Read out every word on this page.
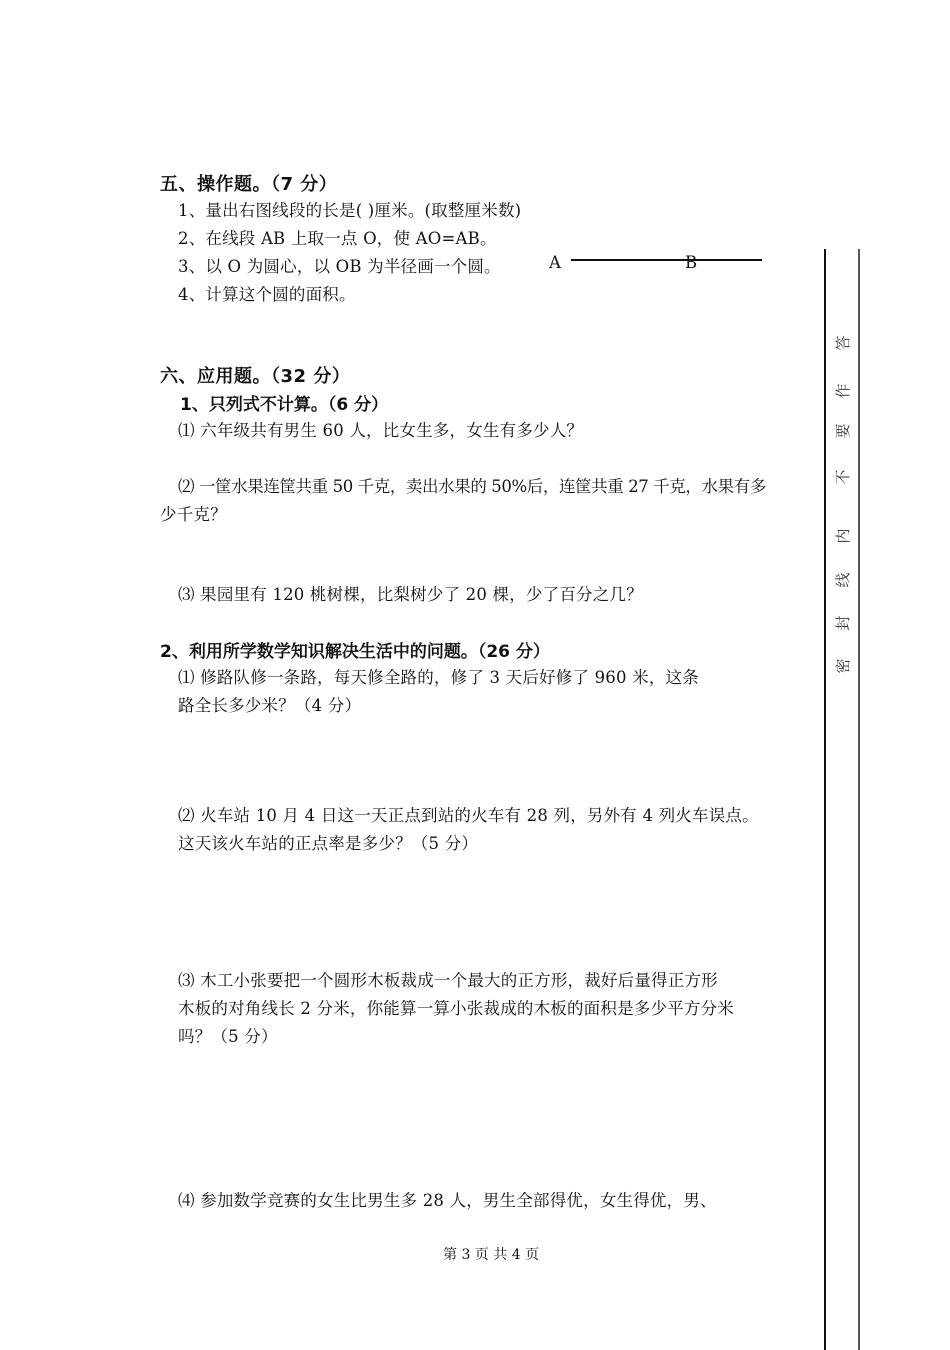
五、操作题。（7 分）
1、量出右图线段的长是( )厘米。(取整厘米数)
2、在线段 AB 上取一点 O，使 AO=AB。
3、以 O 为圆心，以 OB 为半径画一个圆。
4、计算这个圆的面积。
A	B
六、应用题。（32 分）
1、只列式不计算。（6 分）
⑴ 六年级共有男生 60 人，比女生多，女生有多少人？
⑵ 一筐水果连筐共重 50 千克，卖出水果的 50%后，连筐共重 27 千克，水果有多
少千克？
⑶ 果园里有 120 桃树棵，比梨树少了 20 棵，少了百分之几？
2、利用所学数学知识解决生活中的问题。（26 分）
⑴ 修路队修一条路，每天修全路的，修了 3 天后好修了 960 米，这条
路全长多少米？（4 分）
⑵ 火车站 10 月 4 日这一天正点到站的火车有 28 列，另外有 4 列火车误点。
这天该火车站的正点率是多少？（5 分）
⑶ 木工小张要把一个圆形木板裁成一个最大的正方形，裁好后量得正方形
木板的对角线长 2 分米，你能算一算小张裁成的木板的面积是多少平方分米
吗？（5 分）
⑷ 参加数学竞赛的女生比男生多 28 人，男生全部得优，女生得优，男、
第 3 页 共 4 页
答
作
要
不
内
线
封
密
